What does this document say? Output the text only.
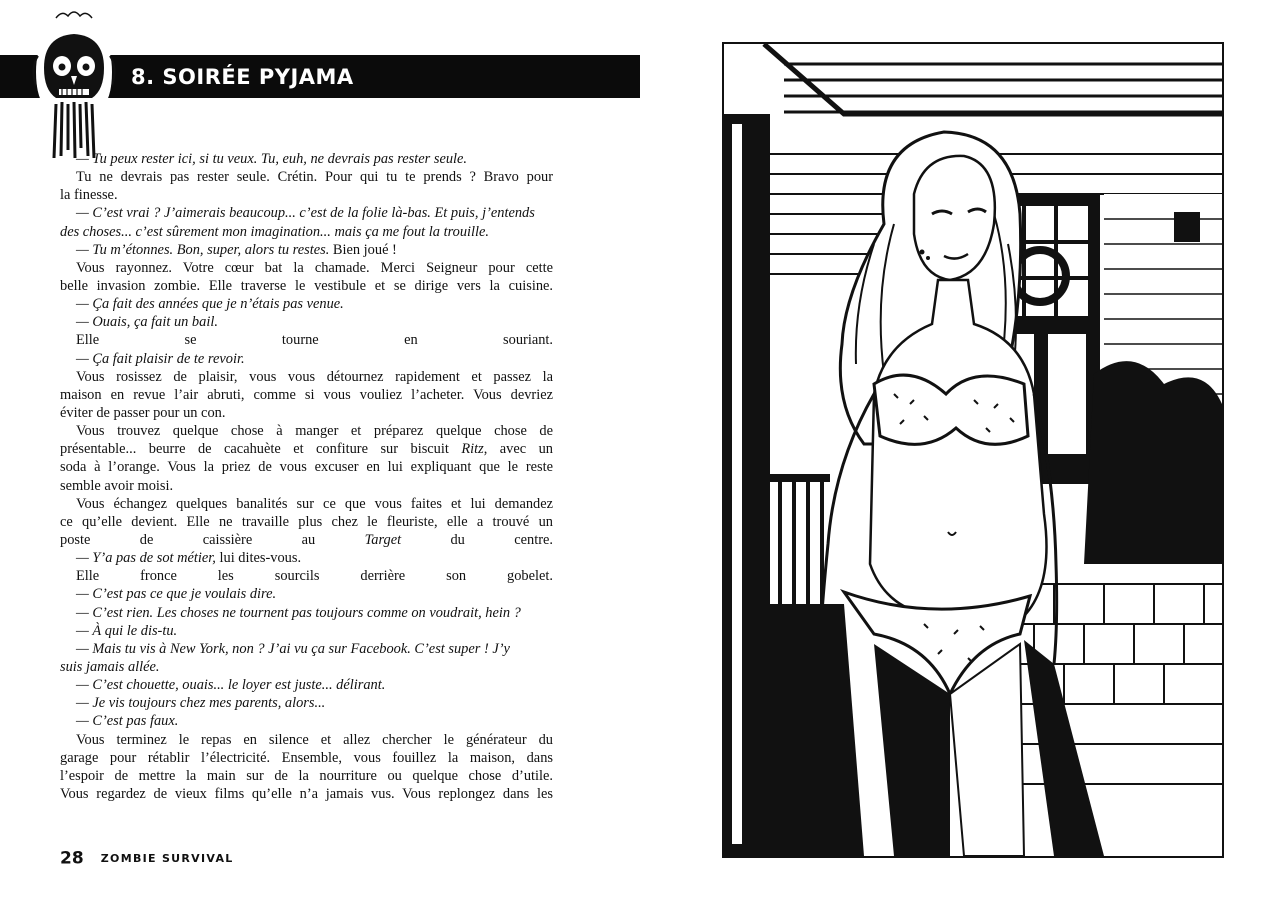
8. SOIRÉE PYJAMA
— Tu peux rester ici, si tu veux. Tu, euh, ne devrais pas rester seule.
Tu ne devrais pas rester seule. Crétin. Pour qui tu te prends ? Bravo pour
la finesse.
— C’est vrai ? J’aimerais beaucoup... c’est de la folie là-bas. Et puis, j’entends
des choses... c’est sûrement mon imagination... mais ça me fout la trouille.
— Tu m’étonnes. Bon, super, alors tu restes. Bien joué !
Vous rayonnez. Votre cœur bat la chamade. Merci Seigneur pour cette
belle invasion zombie. Elle traverse le vestibule et se dirige vers la cuisine.
— Ça fait des années que je n’étais pas venue.
— Ouais, ça fait un bail.
Elle se tourne en souriant.
— Ça fait plaisir de te revoir.
Vous rosissez de plaisir, vous vous détournez rapidement et passez la
maison en revue l’air abruti, comme si vous vouliez l’acheter. Vous devriez
éviter de passer pour un con.
Vous trouvez quelque chose à manger et préparez quelque chose de
présentable... beurre de cacahuète et confiture sur biscuit Ritz, avec un
soda à l’orange. Vous la priez de vous excuser en lui expliquant que le reste
semble avoir moisi.
Vous échangez quelques banalités sur ce que vous faites et lui demandez
ce qu’elle devient. Elle ne travaille plus chez le fleuriste, elle a trouvé un
poste de caissière au Target du centre.
— Y’a pas de sot métier, lui dites-vous.
Elle fronce les sourcils derrière son gobelet.
— C’est pas ce que je voulais dire.
— C’est rien. Les choses ne tournent pas toujours comme on voudrait, hein ?
— À qui le dis-tu.
— Mais tu vis à New York, non ? J’ai vu ça sur Facebook. C’est super ! J’y
suis jamais allée.
— C’est chouette, ouais... le loyer est juste... délirant.
— Je vis toujours chez mes parents, alors...
— C’est pas faux.
Vous terminez le repas en silence et allez chercher le générateur du
garage pour rétablir l’électricité. Ensemble, vous fouillez la maison, dans
l’espoir de mettre la main sur de la nourriture ou quelque chose d’utile.
Vous regardez de vieux films qu’elle n’a jamais vus. Vous replongez dans les
28 ZOMBIE SURVIVAL
